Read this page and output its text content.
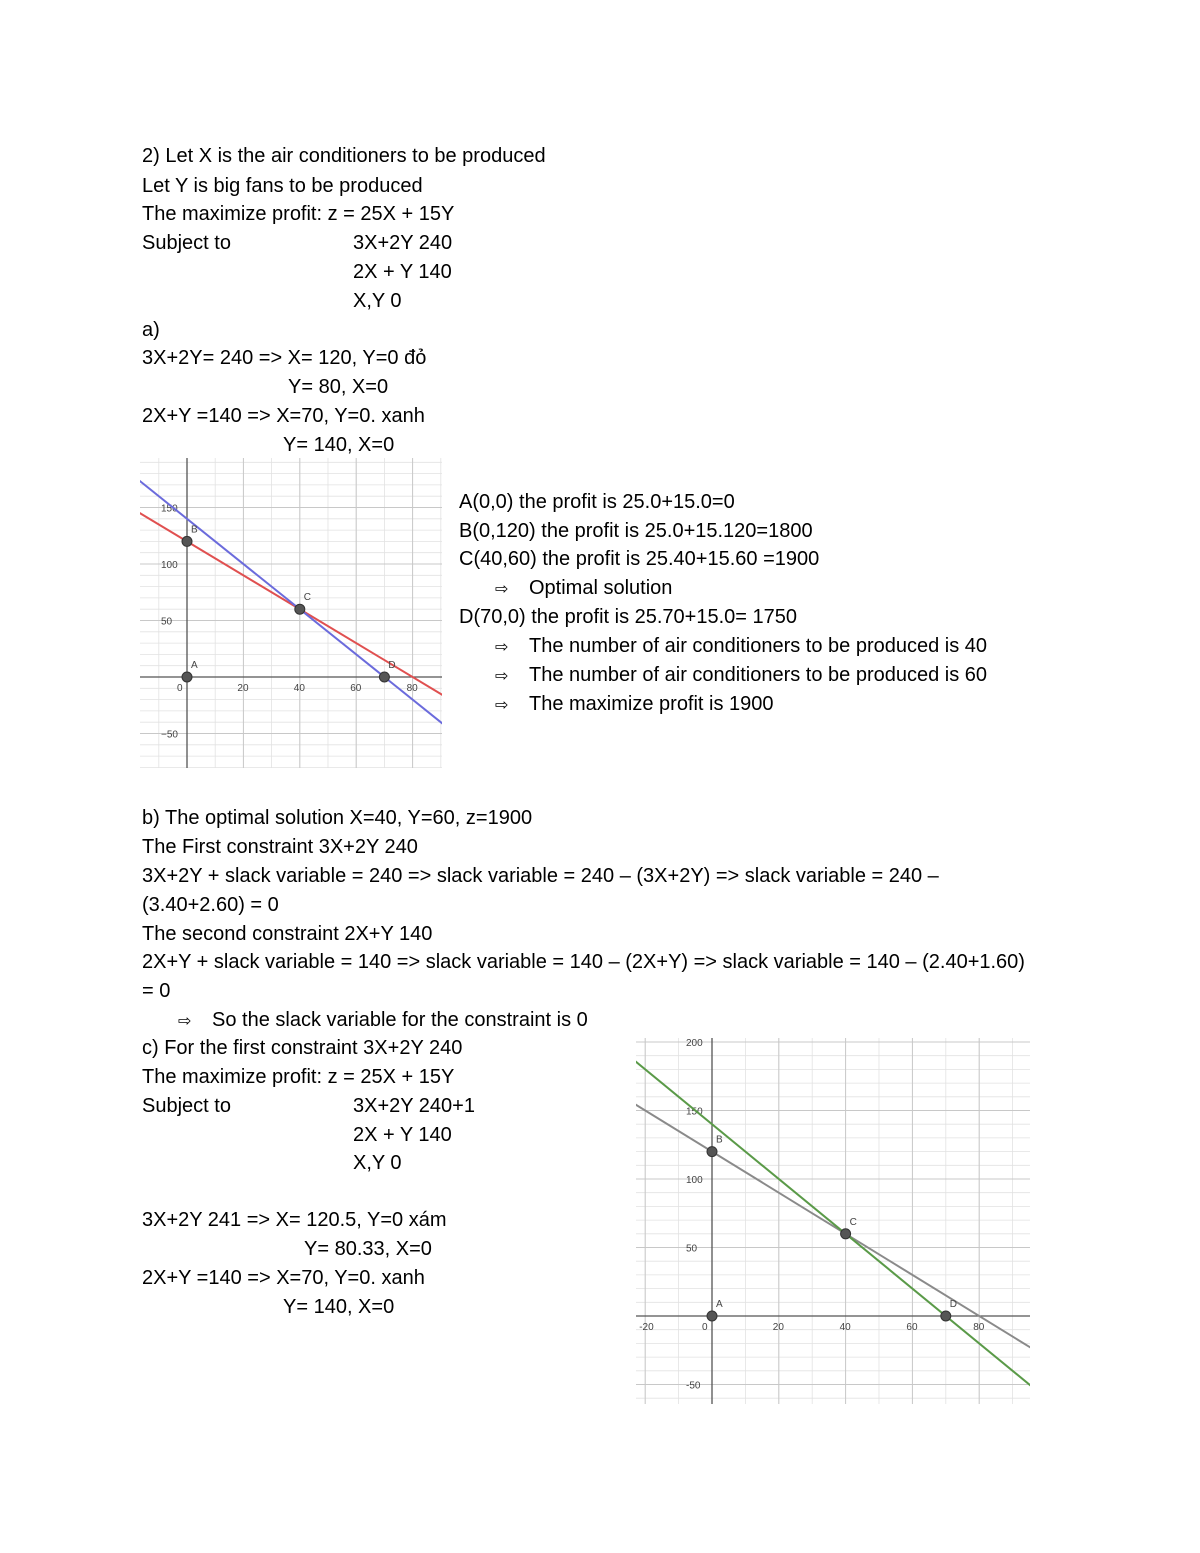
2) Let X is the air conditioners to be produced
Let Y is big fans to be produced
The maximize profit: z = 25X + 15Y
Subject to	3X+2Y 240
2X + Y 140
X,Y 0
a)
3X+2Y= 240 => X= 120, Y=0 đỏ
Y= 80, X=0
2X+Y =140 => X=70, Y=0. xanh
Y= 140, X=0
0	20	40	60	80
150
100
50
−50
A
B
C
D
A(0,0) the profit is 25.0+15.0=0
B(0,120) the profit is 25.0+15.120=1800
C(40,60) the profit is 25.40+15.60 =1900
⇨ Optimal solution
D(70,0) the profit is 25.70+15.0= 1750
⇨ The number of air conditioners to be produced is 40
⇨ The number of air conditioners to be produced is 60
⇨ The maximize profit is 1900
b) The optimal solution X=40, Y=60, z=1900
The First constraint 3X+2Y 240
3X+2Y + slack variable = 240 => slack variable = 240 – (3X+2Y) => slack variable = 240 –
(3.40+2.60) = 0
The second constraint 2X+Y 140
2X+Y + slack variable = 140 => slack variable = 140 – (2X+Y) => slack variable = 140 – (2.40+1.60)
= 0
⇨ So the slack variable for the constraint is 0
c) For the first constraint 3X+2Y 240
The maximize profit: z = 25X + 15Y
Subject to	3X+2Y 240+1
2X + Y 140
X,Y 0
3X+2Y 241 => X= 120.5, Y=0 xám
Y= 80.33, X=0
2X+Y =140 => X=70, Y=0. xanh
Y= 140, X=0
-20	0	20	40	60	80
200
150
100
50
-50
A
B
C
D
